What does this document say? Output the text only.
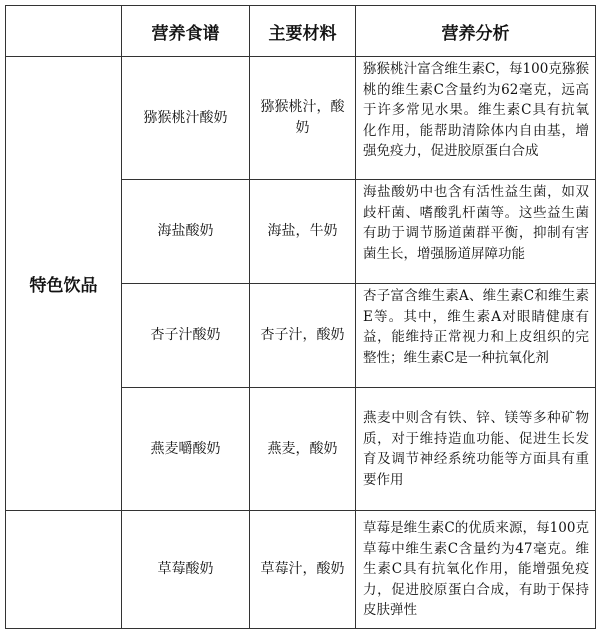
	营养食谱	主要材料	营养分析
特色饮品	猕猴桃汁酸奶	猕猴桃汁，酸奶	猕猴桃汁富含维生素C，每100克猕猴桃的维生素C含量约为62毫克，远高于许多常见水果。维生素C具有抗氧化作用，能帮助清除体内自由基，增强免疫力，促进胶原蛋白合成
	海盐酸奶	海盐，牛奶	海盐酸奶中也含有活性益生菌，如双歧杆菌、嗜酸乳杆菌等。这些益生菌有助于调节肠道菌群平衡，抑制有害菌生长，增强肠道屏障功能
	杏子汁酸奶	杏子汁，酸奶	杏子富含维生素A、维生素C和维生素E等。其中，维生素A对眼睛健康有益，能维持正常视力和上皮组织的完整性；维生素C是一种抗氧化剂
	燕麦嚼酸奶	燕麦，酸奶	燕麦中则含有铁、锌、镁等多种矿物质，对于维持造血功能、促进生长发育及调节神经系统功能等方面具有重要作用
	草莓酸奶	草莓汁，酸奶	草莓是维生素C的优质来源，每100克草莓中维生素C含量约为47毫克。维生素C具有抗氧化作用，能增强免疫力，促进胶原蛋白合成，有助于保持皮肤弹性
